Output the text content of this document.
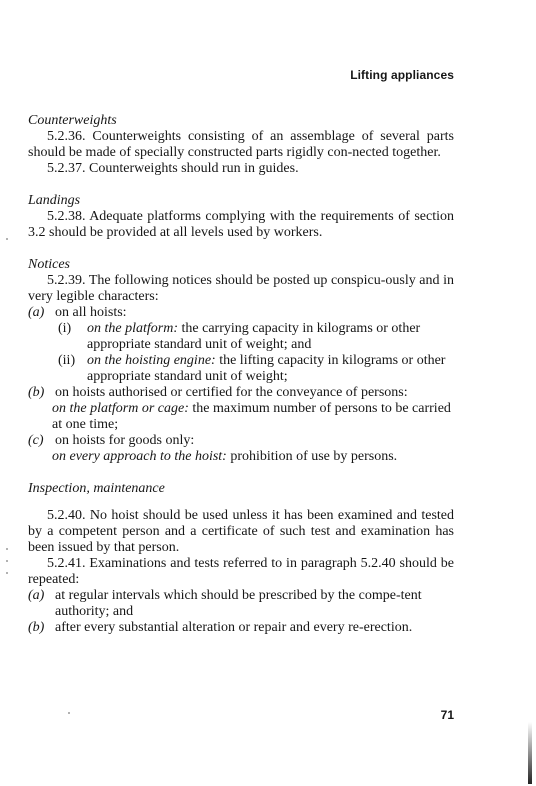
Lifting appliances

Counterweights

5.2.36. Counterweights consisting of an assemblage of several parts should be made of specially constructed parts rigidly con-nected together.

5.2.37. Counterweights should run in guides.

Landings

5.2.38. Adequate platforms complying with the requirements of section 3.2 should be provided at all levels used by workers.

Notices

5.2.39. The following notices should be posted up conspicu-ously and in very legible characters:

(a) on all hoists:
(i)	on the platform: the carrying capacity in kilograms or other appropriate standard unit of weight; and
(ii) on the hoisting engine: the lifting capacity in kilograms or other appropriate standard unit of weight;
(b) on hoists authorised or certified for the conveyance of persons:
on the platform or cage: the maximum number of persons to be carried at one time;
(c) on hoists for goods only:
on every approach to the hoist: prohibition of use by persons.

Inspection, maintenance

5.2.40. No hoist should be used unless it has been examined and tested by a competent person and a certificate of such test and examination has been issued by that person.

5.2.41. Examinations and tests referred to in paragraph 5.2.40 should be repeated:

(a) at regular intervals which should be prescribed by the compe-tent authority; and
(b) after every substantial alteration or repair and every re-erection.
71
